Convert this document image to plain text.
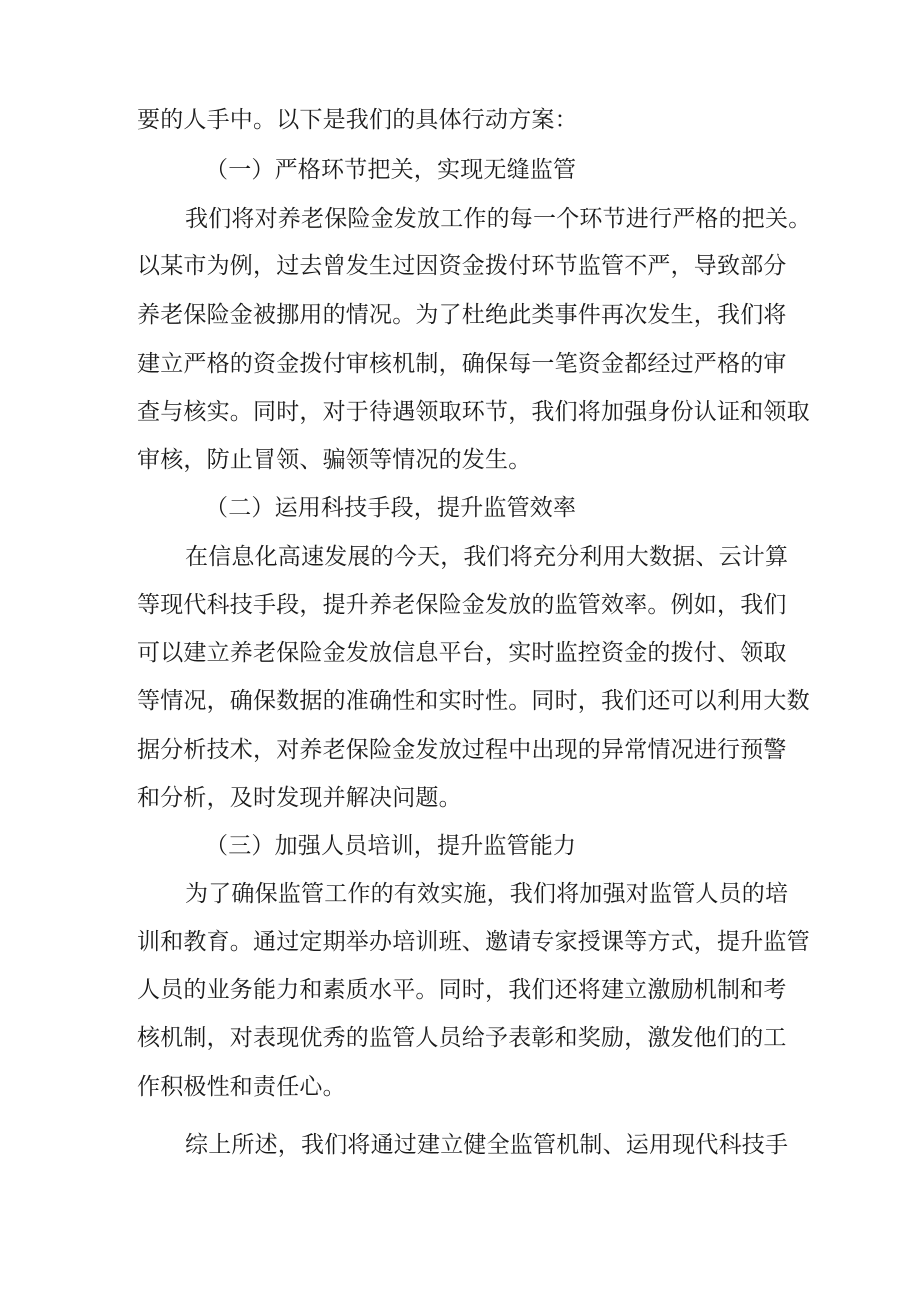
要的人手中。以下是我们的具体行动方案：
（一）严格环节把关，实现无缝监管
我们将对养老保险金发放工作的每一个环节进行严格的把关。
以某市为例，过去曾发生过因资金拨付环节监管不严，导致部分
养老保险金被挪用的情况。为了杜绝此类事件再次发生，我们将
建立严格的资金拨付审核机制，确保每一笔资金都经过严格的审
查与核实。同时，对于待遇领取环节，我们将加强身份认证和领取
审核，防止冒领、骗领等情况的发生。
（二）运用科技手段，提升监管效率
在信息化高速发展的今天，我们将充分利用大数据、云计算
等现代科技手段，提升养老保险金发放的监管效率。例如，我们
可以建立养老保险金发放信息平台，实时监控资金的拨付、领取
等情况，确保数据的准确性和实时性。同时，我们还可以利用大数
据分析技术，对养老保险金发放过程中出现的异常情况进行预警
和分析，及时发现并解决问题。
（三）加强人员培训，提升监管能力
为了确保监管工作的有效实施，我们将加强对监管人员的培
训和教育。通过定期举办培训班、邀请专家授课等方式，提升监管
人员的业务能力和素质水平。同时，我们还将建立激励机制和考
核机制，对表现优秀的监管人员给予表彰和奖励，激发他们的工
作积极性和责任心。
综上所述，我们将通过建立健全监管机制、运用现代科技手
